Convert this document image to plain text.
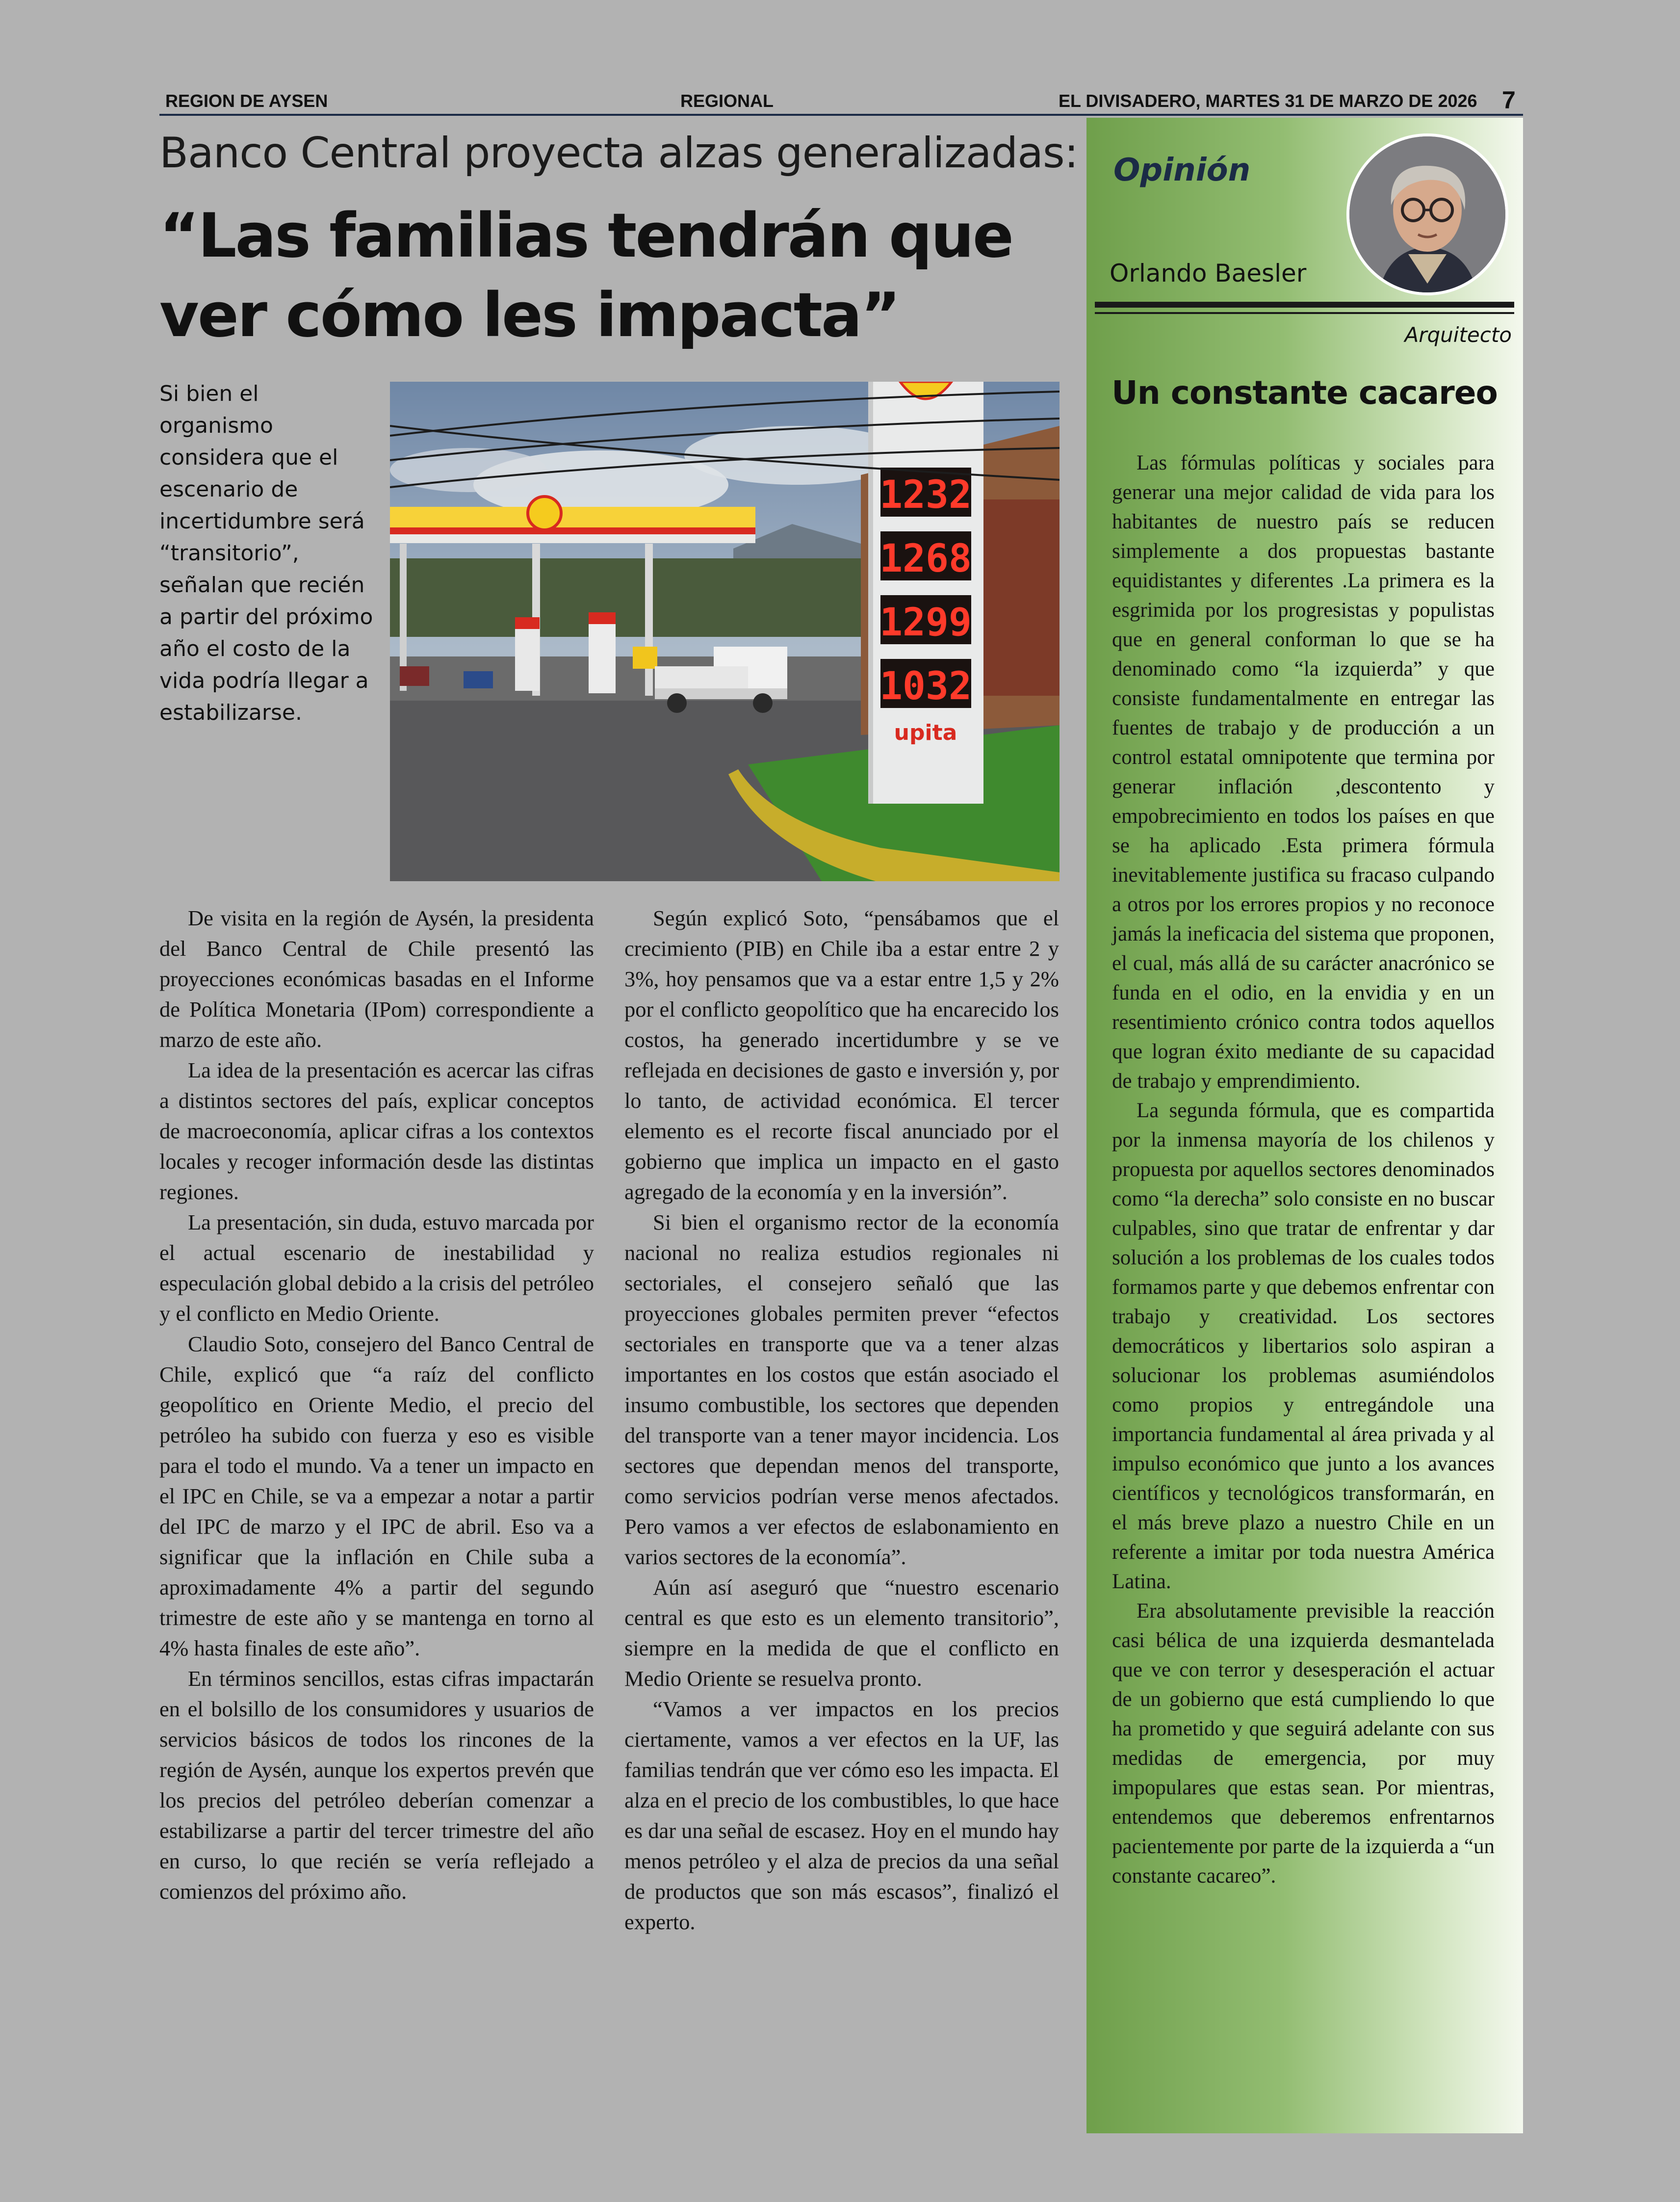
REGION DE AYSEN	REGIONAL	EL DIVISADERO, MARTES 31 DE MARZO DE 2026 7
Banco Central proyecta alzas generalizadas:
“Las familias tendrán que ver cómo les impacta”
Si bien el organismo considera que el escenario de incertidumbre será “transitorio”, señalan que recién a partir del próximo año el costo de la vida podría llegar a estabilizarse.
1232
1268
1299
1032
upita

De visita en la región de Aysén, la presidenta del Banco Central de Chile presentó las proyecciones económicas basadas en el Informe de Política Monetaria (IPom) correspondiente a marzo de este año.

La idea de la presentación es acercar las cifras a distintos sectores del país, explicar conceptos de macroeconomía, aplicar cifras a los contextos locales y recoger información desde las distintas regiones.

La presentación, sin duda, estuvo marcada por el actual escenario de inestabilidad y especulación global debido a la crisis del petróleo y el conflicto en Medio Oriente.

Claudio Soto, consejero del Banco Central de Chile, explicó que “a raíz del conflicto geopolítico en Oriente Medio, el precio del petróleo ha subido con fuerza y eso es visible para el todo el mundo. Va a tener un impacto en el IPC en Chile, se va a empezar a notar a partir del IPC de marzo y el IPC de abril. Eso va a significar que la inflación en Chile suba a aproximadamente 4% a partir del segundo trimestre de este año y se mantenga en torno al 4% hasta finales de este año”.

En términos sencillos, estas cifras impactarán en el bolsillo de los consumidores y usuarios de servicios básicos de todos los rincones de la región de Aysén, aunque los expertos prevén que los precios del petróleo deberían comenzar a estabilizarse a partir del tercer trimestre del año en curso, lo que recién se vería reflejado a comienzos del próximo año.

Según explicó Soto, “pensábamos que el crecimiento (PIB) en Chile iba a estar entre 2 y 3%, hoy pensamos que va a estar entre 1,5 y 2% por el conflicto geopolítico que ha encarecido los costos, ha generado incertidumbre y se ve reflejada en decisiones de gasto e inversión y, por lo tanto, de actividad económica. El tercer elemento es el recorte fiscal anunciado por el gobierno que implica un impacto en el gasto agregado de la economía y en la inversión”.

Si bien el organismo rector de la economía nacional no realiza estudios regionales ni sectoriales, el consejero señaló que las proyecciones globales permiten prever “efectos sectoriales en transporte que va a tener alzas importantes en los costos que están asociado el insumo combustible, los sectores que dependen del transporte van a tener mayor incidencia. Los sectores que dependan menos del transporte, como servicios podrían verse menos afectados. Pero vamos a ver efectos de eslabonamiento en varios sectores de la economía”.

Aún así aseguró que “nuestro escenario central es que esto es un elemento transitorio”, siempre en la medida de que el conflicto en Medio Oriente se resuelva pronto.

“Vamos a ver impactos en los precios ciertamente, vamos a ver efectos en la UF, las familias tendrán que ver cómo eso les impacta. El alza en el precio de los combustibles, lo que hace es dar una señal de escasez. Hoy en el mundo hay menos petróleo y el alza de precios da una señal de productos que son más escasos”, finalizó el experto.

Opinión
Orlando Baesler
Arquitecto
Un constante cacareo

Las fórmulas políticas y sociales para generar una mejor calidad de vida para los habitantes de nuestro país se reducen simplemente a dos propuestas bastante equidistantes y diferentes .La primera es la esgrimida por los progresistas y populistas que en general conforman lo que se ha denominado como “la izquierda” y que consiste fundamentalmente en entregar las fuentes de trabajo y de producción a un control estatal omnipotente que termina por generar inflación ,descontento y empobrecimiento en todos los países en que se ha aplicado .Esta primera fórmula inevitablemente justifica su fracaso culpando a otros por los errores propios y no reconoce jamás la ineficacia del sistema que proponen, el cual, más allá de su carácter anacrónico se funda en el odio, en la envidia y en un resentimiento crónico contra todos aquellos que logran éxito mediante de su capacidad de trabajo y emprendimiento.

La segunda fórmula, que es compartida por la inmensa mayoría de los chilenos y propuesta por aquellos sectores denominados como “la derecha” solo consiste en no buscar culpables, sino que tratar de enfrentar y dar solución a los problemas de los cuales todos formamos parte y que debemos enfrentar con trabajo y creatividad. Los sectores democráticos y libertarios solo aspiran a solucionar los problemas asumiéndolos como propios y entregándole una importancia fundamental al área privada y al impulso económico que junto a los avances científicos y tecnológicos transformarán, en el más breve plazo a nuestro Chile en un referente a imitar por toda nuestra América Latina.

Era absolutamente previsible la reacción casi bélica de una izquierda desmantelada que ve con terror y desesperación el actuar de un gobierno que está cumpliendo lo que ha prometido y que seguirá adelante con sus medidas de emergencia, por muy impopulares que estas sean. Por mientras, entendemos que deberemos enfrentarnos pacientemente por parte de la izquierda a “un constante cacareo”.
